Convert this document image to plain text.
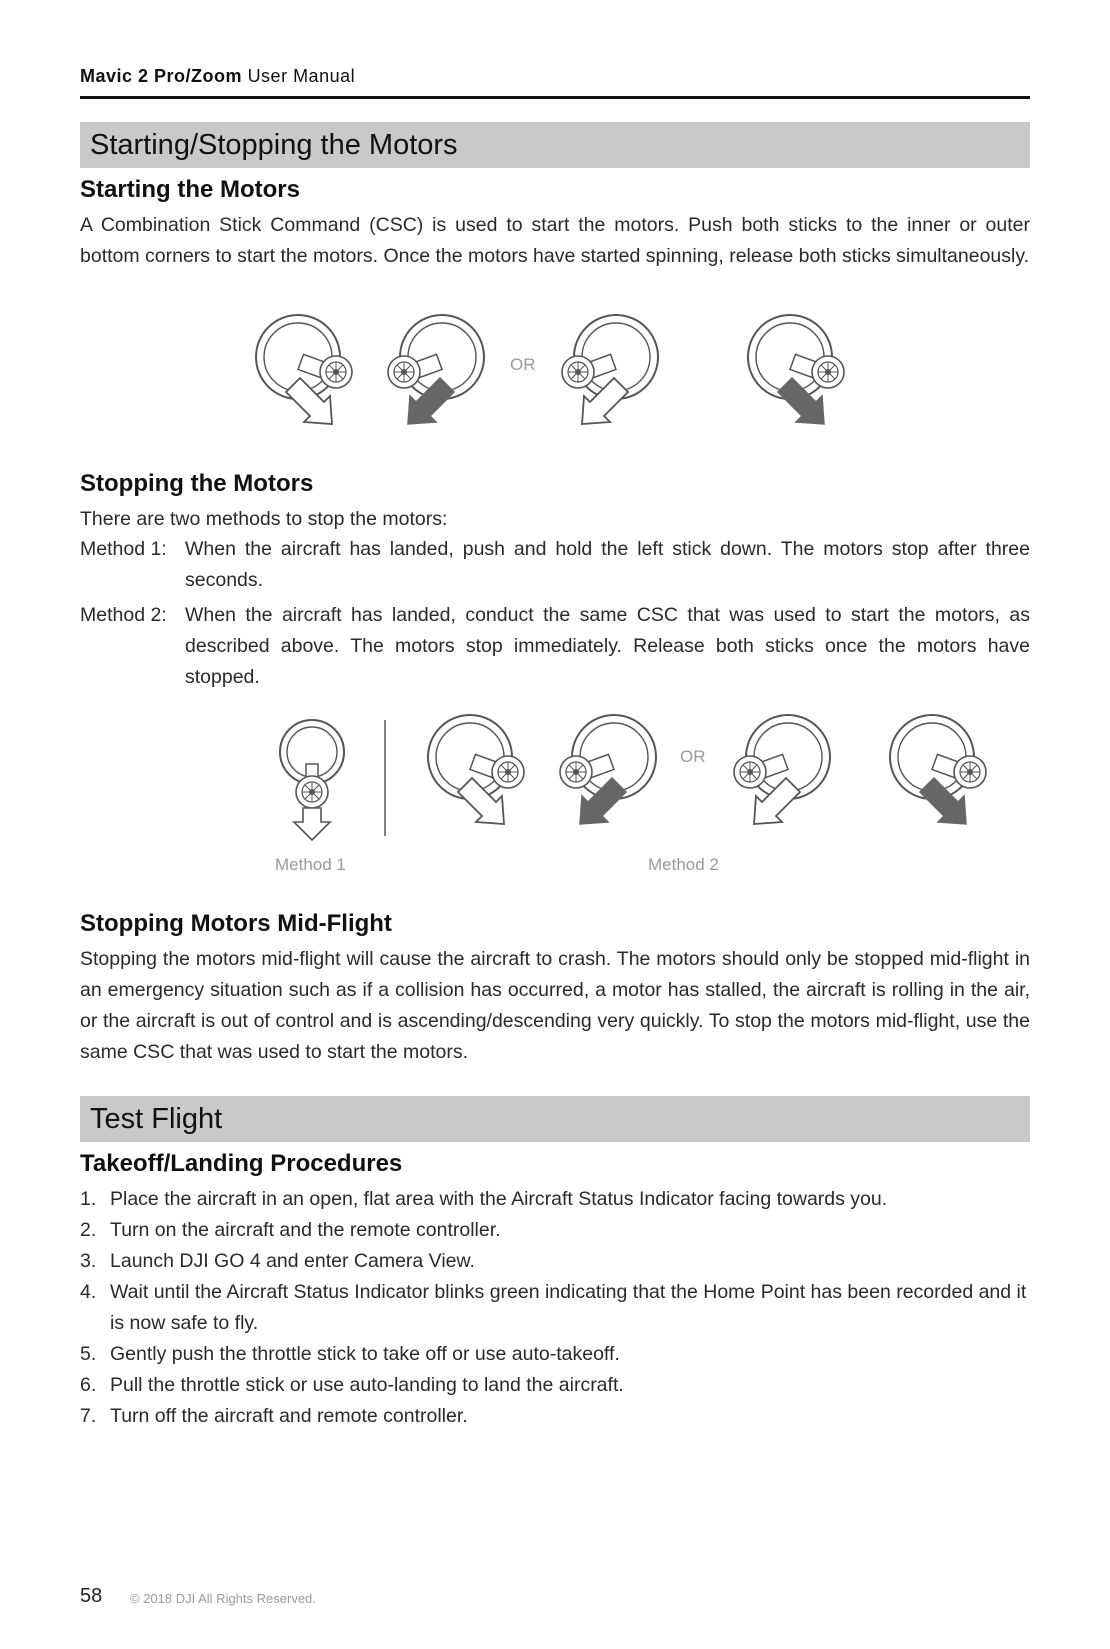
Mavic 2 Pro/Zoom User Manual
Starting/Stopping the Motors
Starting the Motors
A Combination Stick Command (CSC) is used to start the motors. Push both sticks to the inner or outer bottom corners to start the motors. Once the motors have started spinning, release both sticks simultaneously.
OR
Stopping the Motors
There are two methods to stop the motors:
Method 1: When the aircraft has landed, push and hold the left stick down. The motors stop after three seconds.
Method 2: When the aircraft has landed, conduct the same CSC that was used to start the motors, as described above. The motors stop immediately. Release both sticks once the motors have stopped.
OR
Method 1	Method 2
Stopping Motors Mid-Flight
Stopping the motors mid-flight will cause the aircraft to crash. The motors should only be stopped mid-flight in an emergency situation such as if a collision has occurred, a motor has stalled, the aircraft is rolling in the air, or the aircraft is out of control and is ascending/descending very quickly. To stop the motors mid-flight, use the same CSC that was used to start the motors.
Test Flight
Takeoff/Landing Procedures
1. Place the aircraft in an open, flat area with the Aircraft Status Indicator facing towards you.
2. Turn on the aircraft and the remote controller.
3. Launch DJI GO 4 and enter Camera View.
4. Wait until the Aircraft Status Indicator blinks green indicating that the Home Point has been recorded and it is now safe to fly.
5. Gently push the throttle stick to take off or use auto-takeoff.
6. Pull the throttle stick or use auto-landing to land the aircraft.
7. Turn off the aircraft and remote controller.
58 © 2018 DJI All Rights Reserved.
